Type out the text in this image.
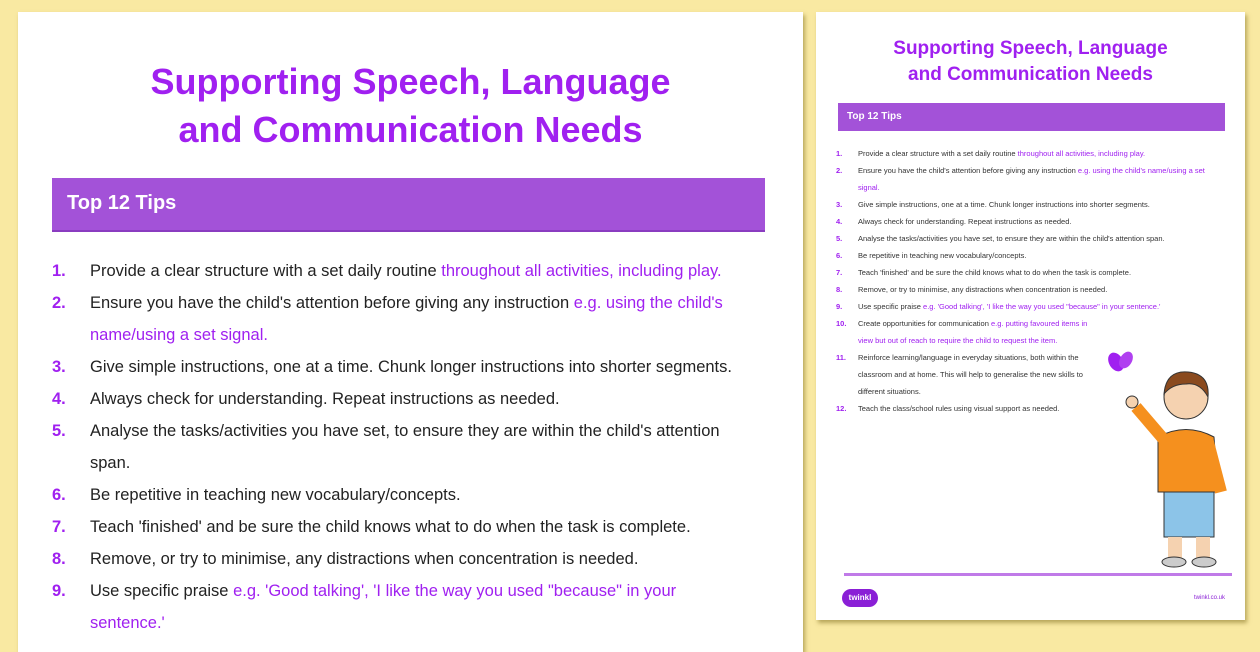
Supporting Speech, Language
and Communication Needs
Top 12 Tips
1.	Provide a clear structure with a set daily routine throughout all activities, including play.
2.	Ensure you have the child's attention before giving any instruction e.g. using the child's name/using a set signal.
3.	Give simple instructions, one at a time. Chunk longer instructions into shorter segments.
4.	Always check for understanding. Repeat instructions as needed.
5.	Analyse the tasks/activities you have set, to ensure they are within the child's attention span.
6.	Be repetitive in teaching new vocabulary/concepts.
7.	Teach 'finished' and be sure the child knows what to do when the task is complete.
8.	Remove, or try to minimise, any distractions when concentration is needed.
9.	Use specific praise e.g. 'Good talking', 'I like the way you used "because" in your sentence.'
Supporting Speech, Language
and Communication Needs
Top 12 Tips
1.	Provide a clear structure with a set daily routine throughout all activities, including play.
2.	Ensure you have the child's attention before giving any instruction e.g. using the child's name/using a set signal.
3.	Give simple instructions, one at a time. Chunk longer instructions into shorter segments.
4.	Always check for understanding. Repeat instructions as needed.
5.	Analyse the tasks/activities you have set, to ensure they are within the child's attention span.
6.	Be repetitive in teaching new vocabulary/concepts.
7.	Teach 'finished' and be sure the child knows what to do when the task is complete.
8.	Remove, or try to minimise, any distractions when concentration is needed.
9.	Use specific praise e.g. 'Good talking', 'I like the way you used "because" in your sentence.'
10.	Create opportunities for communication e.g. putting favoured items in view but out of reach to require the child to request the item.
11.	Reinforce learning/language in everyday situations, both within the classroom and at home. This will help to generalise the new skills to different situations.
12.	Teach the class/school rules using visual support as needed.
twinkl	twinkl.co.uk
